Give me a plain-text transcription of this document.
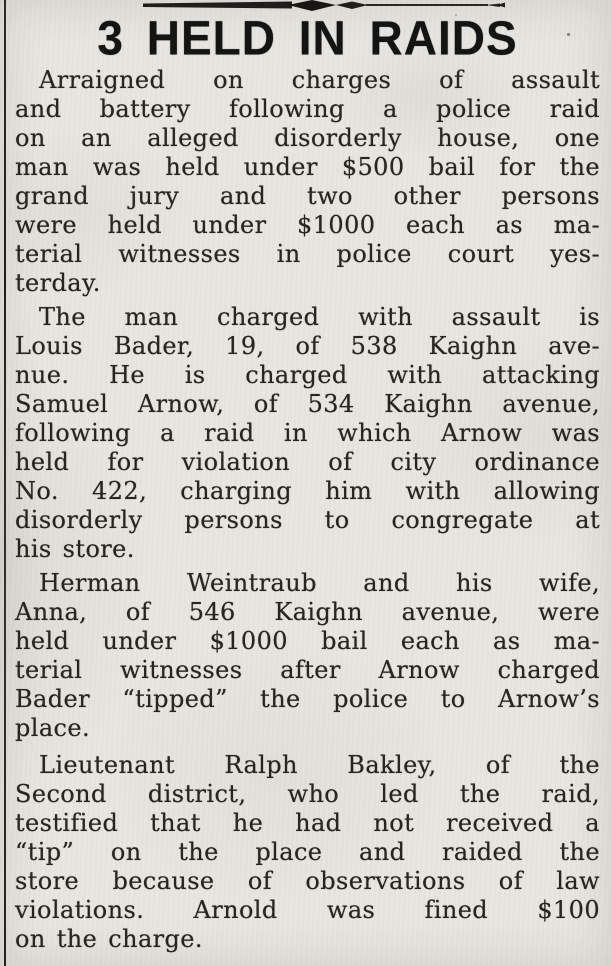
3 HELD IN RAIDS
Arraigned on charges of assault
and battery following a police raid
on an alleged disorderly house, one
man was held under $500 bail for the
grand jury and two other persons
were held under $1000 each as ma-
terial witnesses in police court yes-
terday.
The man charged with assault is
Louis Bader, 19, of 538 Kaighn ave-
nue. He is charged with attacking
Samuel Arnow, of 534 Kaighn avenue,
following a raid in which Arnow was
held for violation of city ordinance
No. 422, charging him with allowing
disorderly persons to congregate at
his store.
Herman Weintraub and his wife,
Anna, of 546 Kaighn avenue, were
held under $1000 bail each as ma-
terial witnesses after Arnow charged
Bader “tipped” the police to Arnow’s
place.
Lieutenant Ralph Bakley, of the
Second district, who led the raid,
testified that he had not received a
“tip” on the place and raided the
store because of observations of law
violations. Arnold was fined $100
on the charge.
